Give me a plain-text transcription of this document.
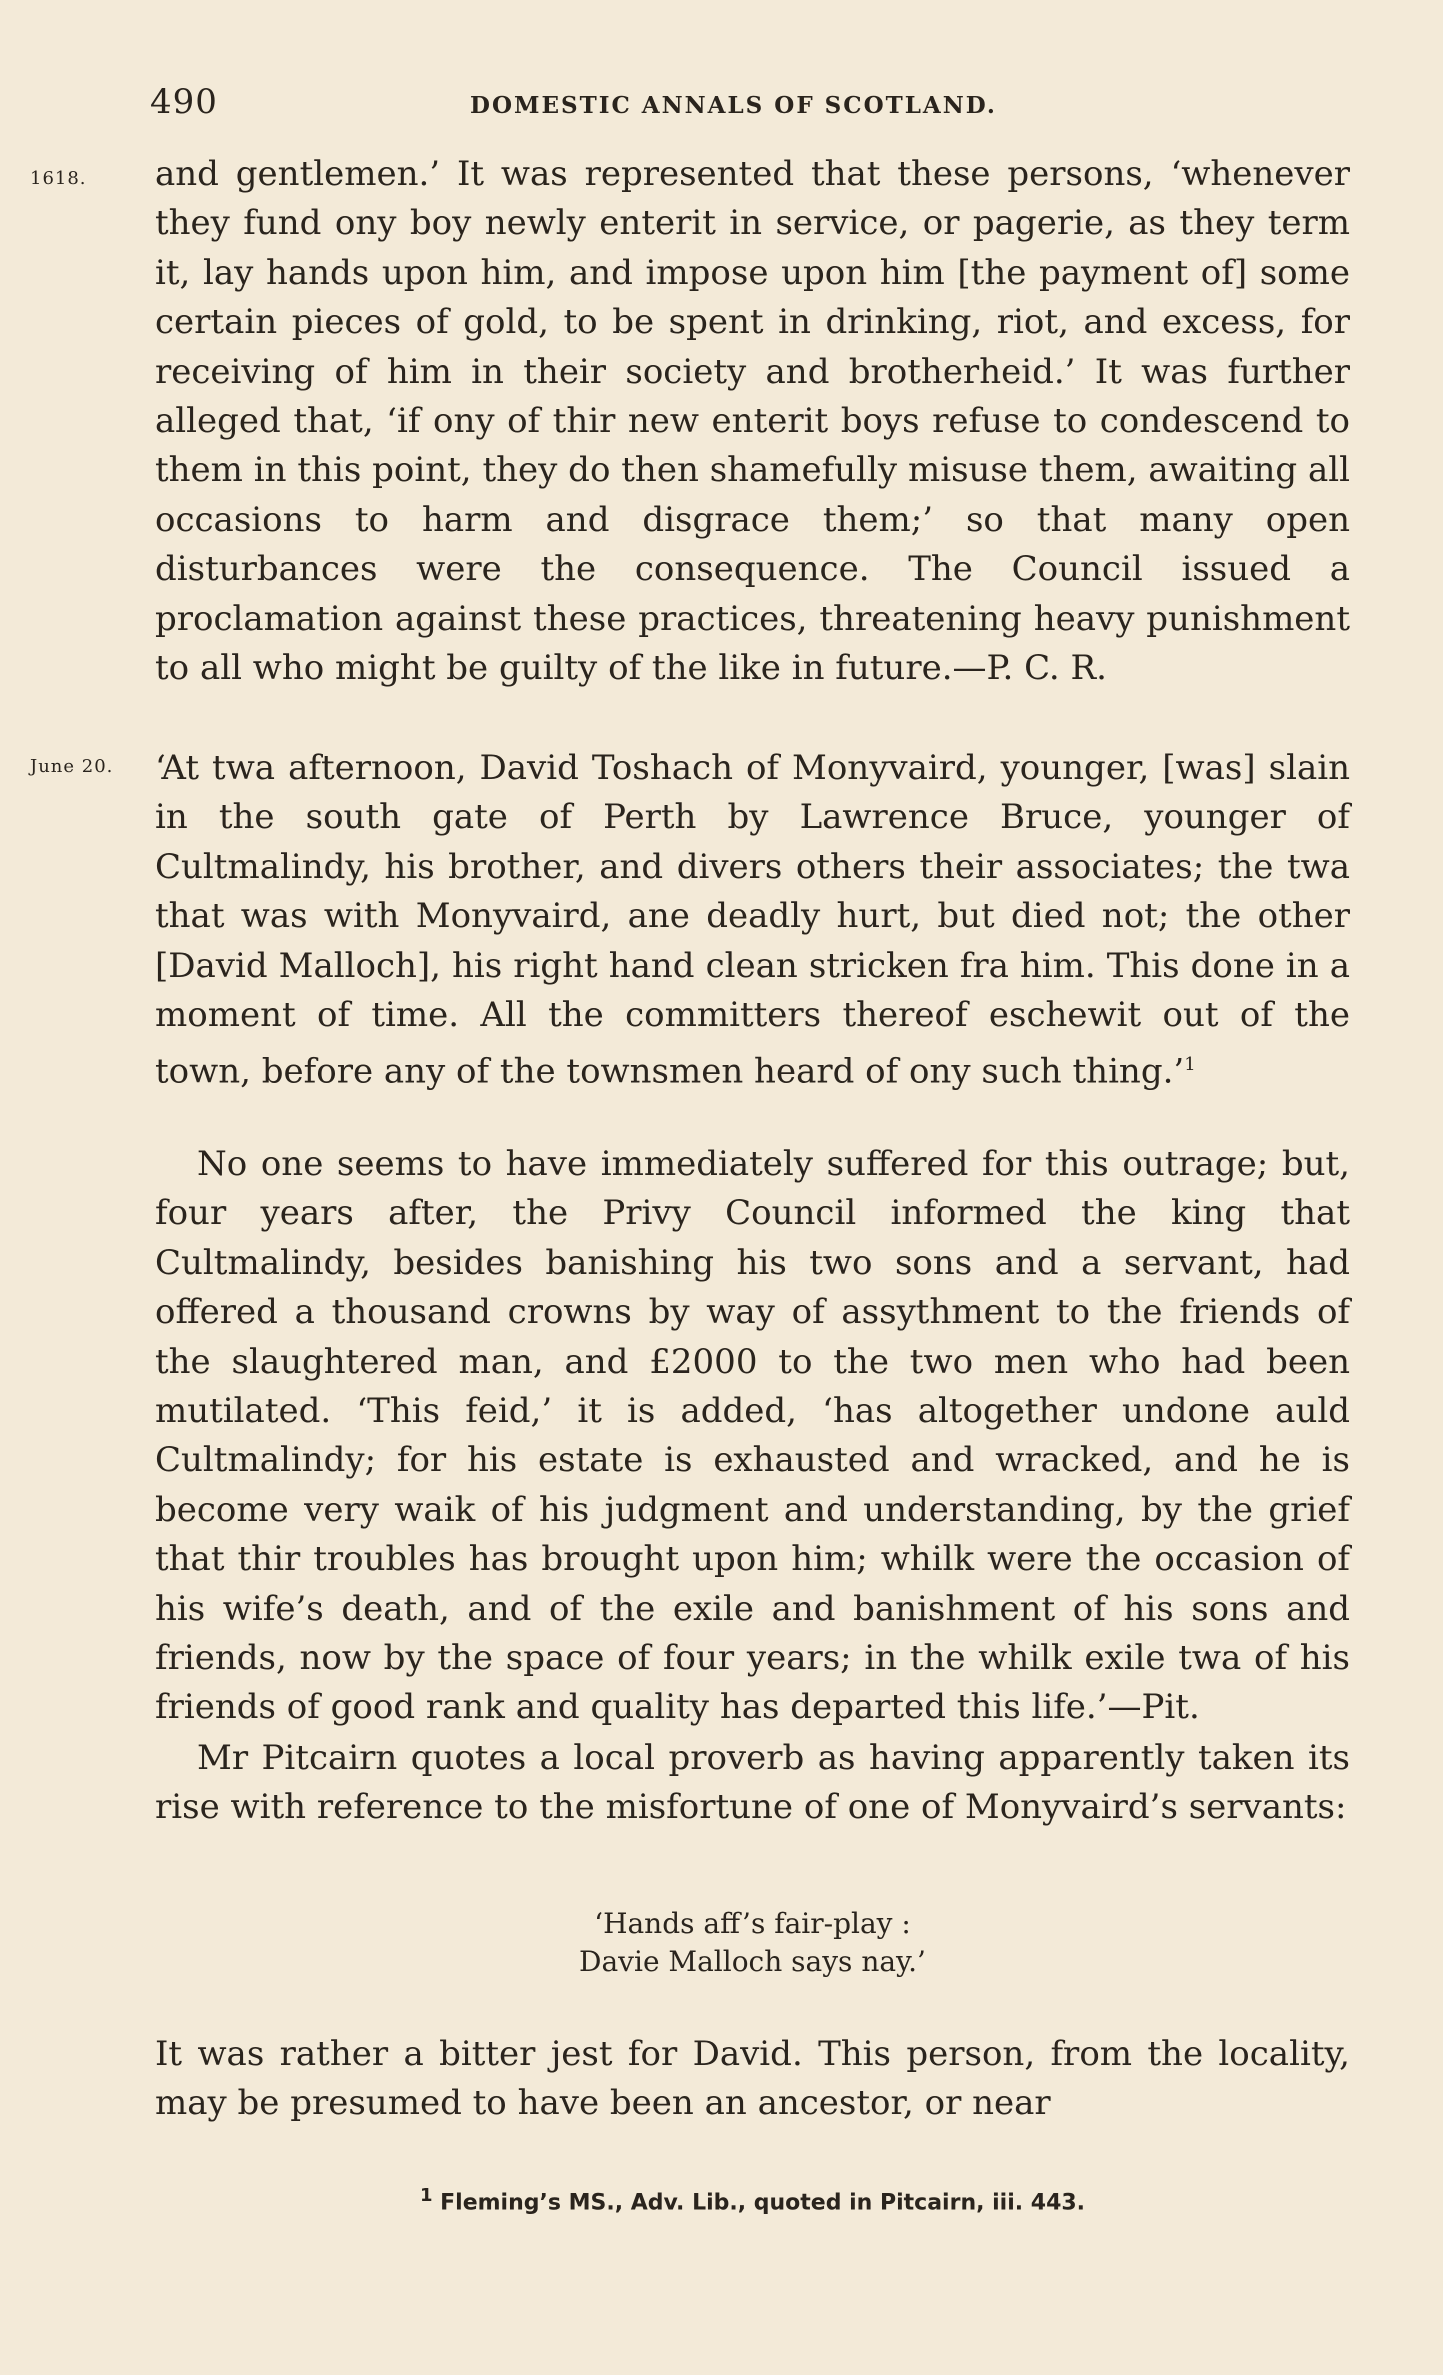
490	DOMESTIC ANNALS OF SCOTLAND.
1618.
June 20.

and gentlemen.’ It was represented that these persons, ‘whenever they fund ony boy newly enterit in service, or pagerie, as they term it, lay hands upon him, and impose upon him [the payment of] some certain pieces of gold, to be spent in drinking, riot, and excess, for receiving of him in their society and brotherheid.’ It was further alleged that, ‘if ony of thir new enterit boys refuse to condescend to them in this point, they do then shamefully misuse them, awaiting all occasions to harm and disgrace them;’ so that many open disturbances were the consequence. The Council issued a proclamation against these practices, threatening heavy punishment to all who might be guilty of the like in future.—P. C. R.

‘At twa afternoon, David Toshach of Monyvaird, younger, [was] slain in the south gate of Perth by Lawrence Bruce, younger of Cultmalindy, his brother, and divers others their associates; the twa that was with Monyvaird, ane deadly hurt, but died not; the other [David Malloch], his right hand clean stricken fra him. This done in a moment of time. All the committers thereof eschewit out of the town, before any of the townsmen heard of ony such thing.’$^1$

No one seems to have immediately suffered for this outrage; but, four years after, the Privy Council informed the king that Cultmalindy, besides banishing his two sons and a servant, had offered a thousand crowns by way of assythment to the friends of the slaughtered man, and £2000 to the two men who had been mutilated. ‘This feid,’ it is added, ‘has altogether undone auld Cultmalindy; for his estate is exhausted and wracked, and he is become very waik of his judgment and understanding, by the grief that thir troubles has brought upon him; whilk were the occasion of his wife’s death, and of the exile and banishment of his sons and friends, now by the space of four years; in the whilk exile twa of his friends of good rank and quality has departed this life.’—Pit.

Mr Pitcairn quotes a local proverb as having apparently taken its rise with reference to the misfortune of one of Monyvaird’s servants:

‘Hands aff’s fair-play :
Davie Malloch says nay.’

It was rather a bitter jest for David. This person, from the locality, may be presumed to have been an ancestor, or near

$^1$ Fleming’s MS., Adv. Lib., quoted in Pitcairn, iii. 443.
